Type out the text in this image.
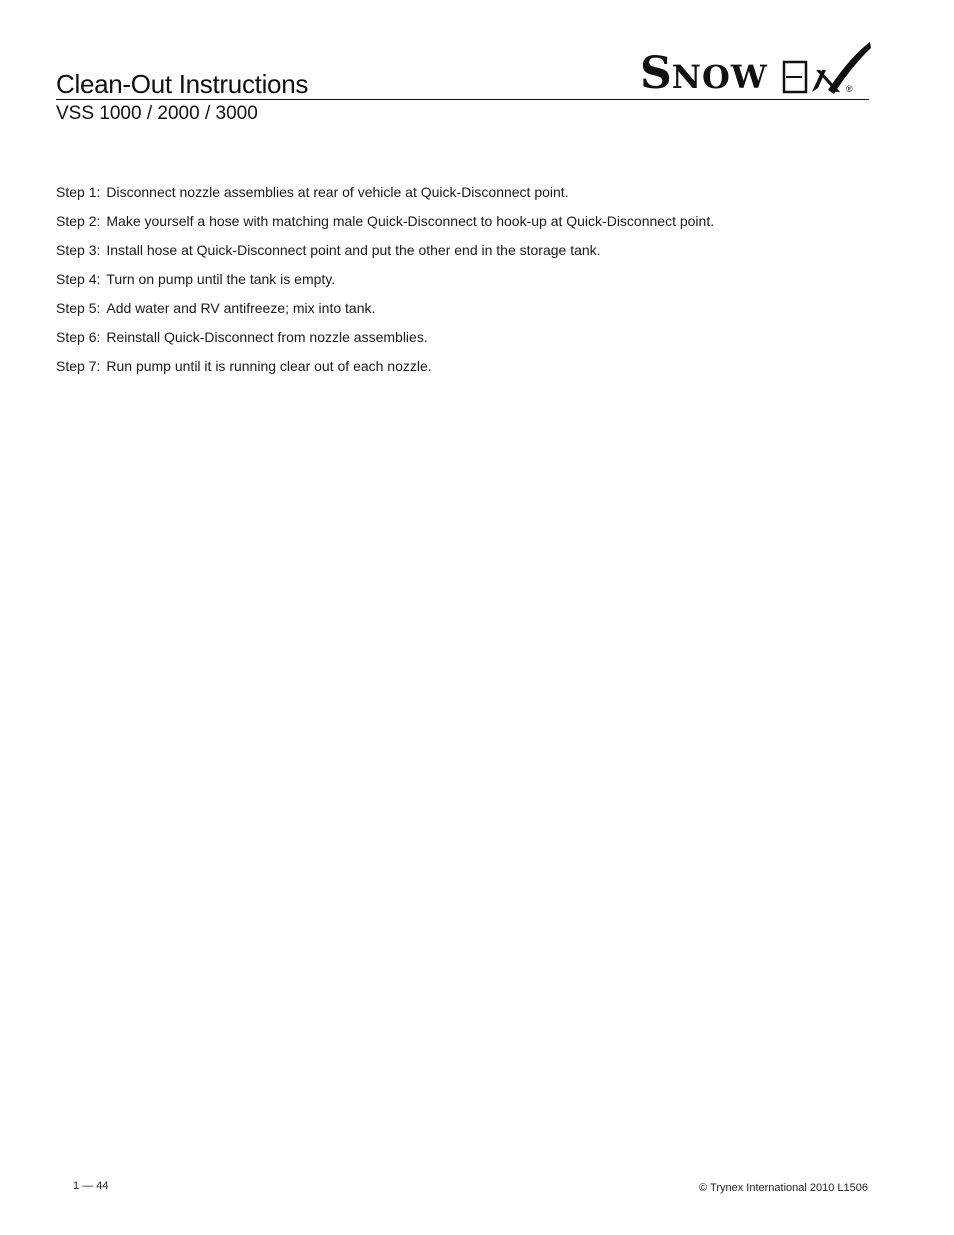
Clean-Out Instructions
VSS 1000 / 2000 / 3000
SNOW	®
Step 1: Disconnect nozzle assemblies at rear of vehicle at Quick-Disconnect point.
Step 2: Make yourself a hose with matching male Quick-Disconnect to hook-up at Quick-Disconnect point.
Step 3: Install hose at Quick-Disconnect point and put the other end in the storage tank.
Step 4: Turn on pump until the tank is empty.
Step 5: Add water and RV antifreeze; mix into tank.
Step 6: Reinstall Quick-Disconnect from nozzle assemblies.
Step 7: Run pump until it is running clear out of each nozzle.
1 — 44	© Trynex International 2010 L1506
